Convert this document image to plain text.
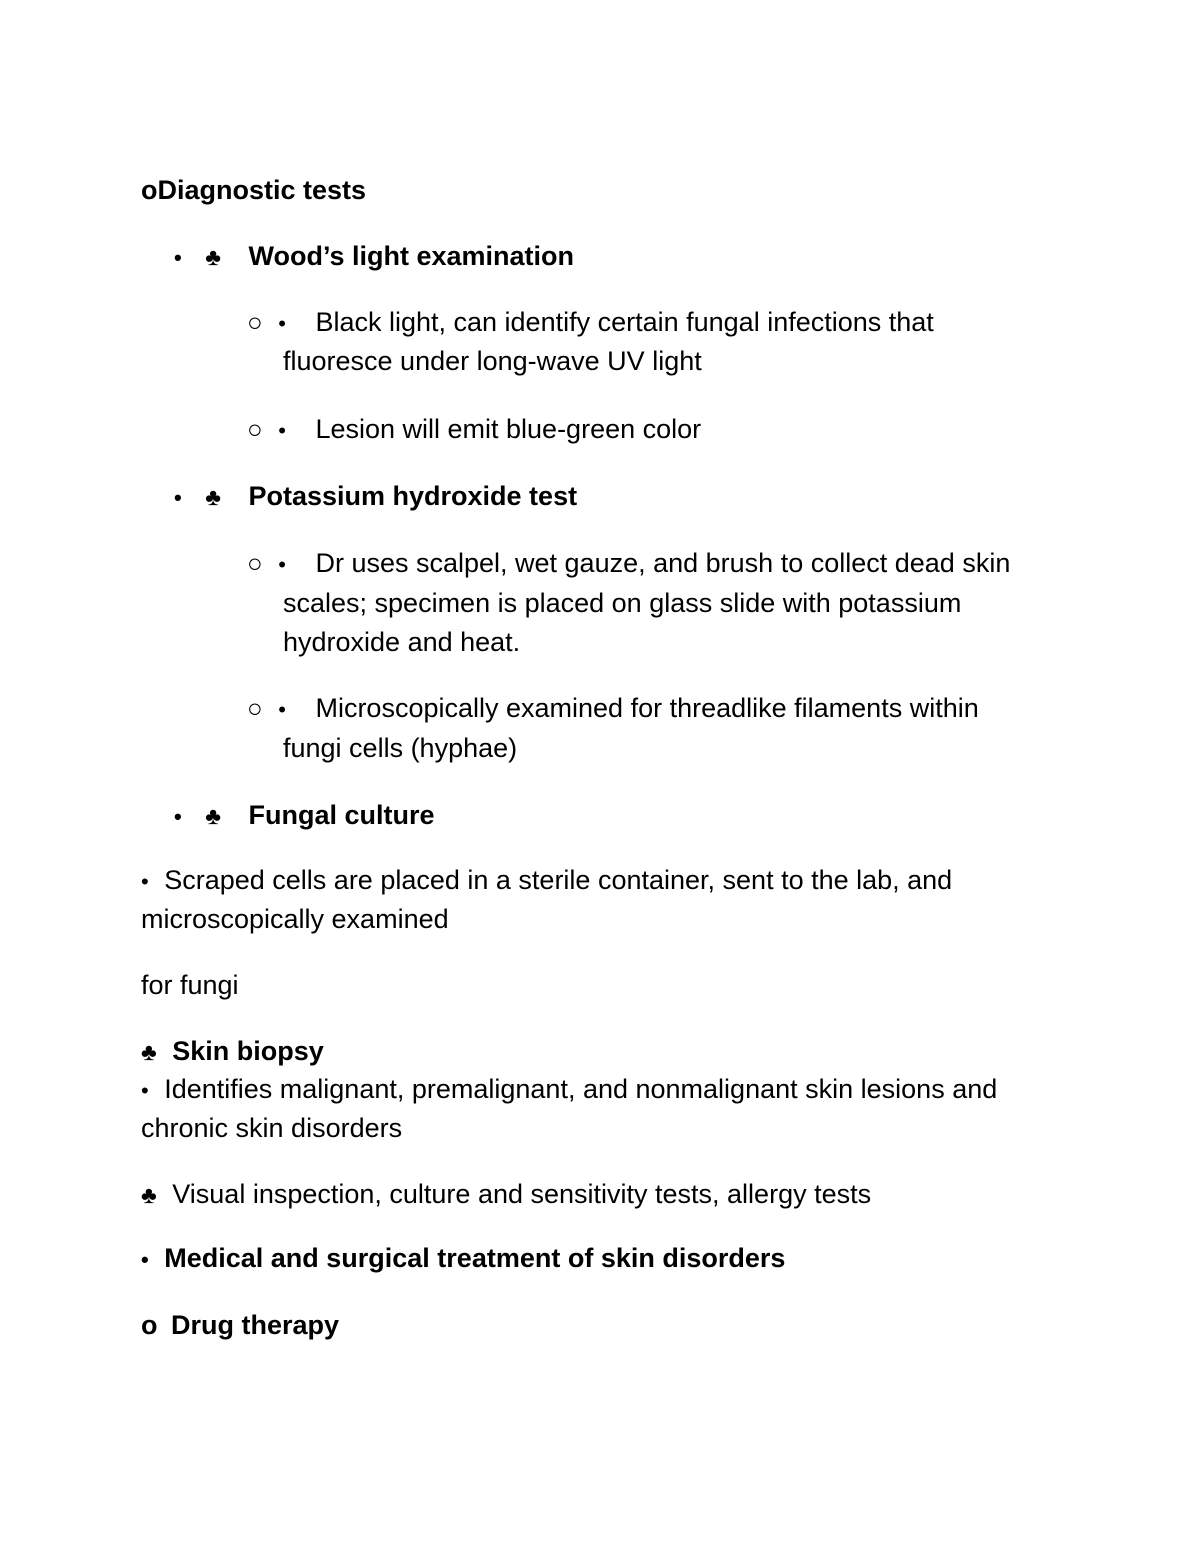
oDiagnostic tests
• ♣ Wood’s light examination
○ • Black light, can identify certain fungal infections that
fluoresce under long-wave UV light
○ • Lesion will emit blue-green color
• ♣ Potassium hydroxide test
○ • Dr uses scalpel, wet gauze, and brush to collect dead skin
scales; specimen is placed on glass slide with potassium
hydroxide and heat.
○ • Microscopically examined for threadlike filaments within
fungi cells (hyphae)
• ♣ Fungal culture
• Scraped cells are placed in a sterile container, sent to the lab, and
microscopically examined
for fungi
♣ Skin biopsy
• Identifies malignant, premalignant, and nonmalignant skin lesions and
chronic skin disorders
♣ Visual inspection, culture and sensitivity tests, allergy tests
• Medical and surgical treatment of skin disorders
o Drug therapy
